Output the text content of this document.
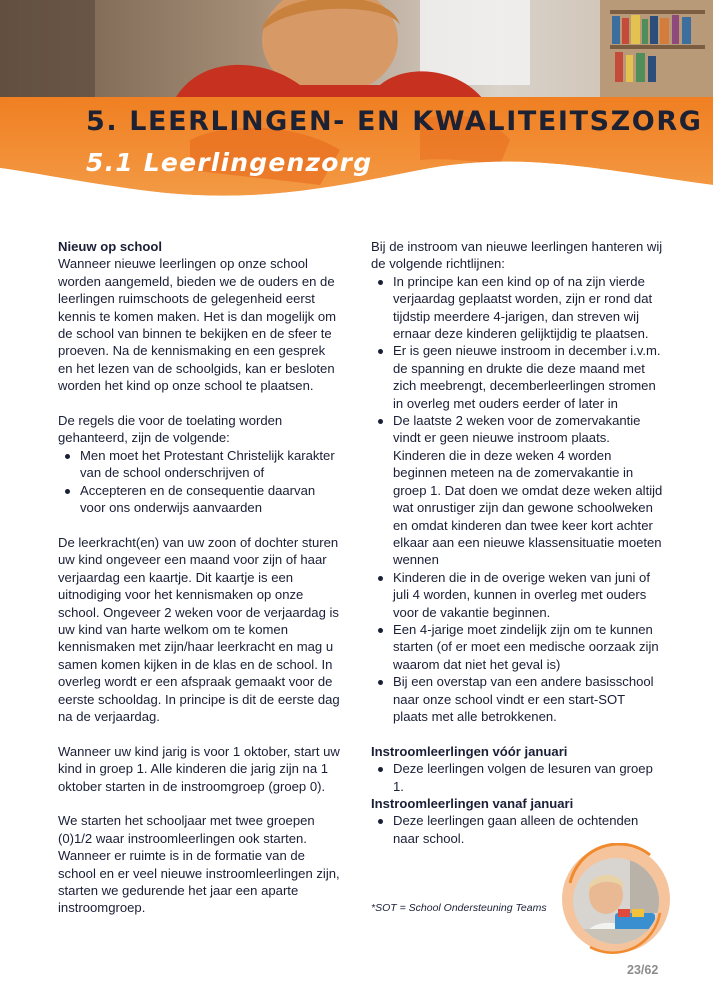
5. LEERLINGEN- EN KWALITEITSZORG
5.1 Leerlingenzorg
Nieuw op school

Wanneer nieuwe leerlingen op onze school worden aangemeld, bieden we de ouders en de leerlingen ruimschoots de gelegenheid eerst kennis te komen maken. Het is dan mogelijk om de school van binnen te bekijken en de sfeer te proeven. Na de kennismaking en een gesprek en het lezen van de schoolgids, kan er besloten worden het kind op onze school te plaatsen.

De regels die voor de toelating worden gehanteerd, zijn de volgende:

Men moet het Protestant Christelijk karakter van de school onderschrijven of
Accepteren en de consequentie daarvan voor ons onderwijs aanvaarden

De leerkracht(en) van uw zoon of dochter sturen uw kind ongeveer een maand voor zijn of haar verjaardag een kaartje. Dit kaartje is een uitnodiging voor het kennismaken op onze school. Ongeveer 2 weken voor de verjaardag is uw kind van harte welkom om te komen kennismaken met zijn/haar leerkracht en mag u samen komen kijken in de klas en de school. In overleg wordt er een afspraak gemaakt voor de eerste schooldag. In principe is dit de eerste dag na de verjaardag.

Wanneer uw kind jarig is voor 1 oktober, start uw kind in groep 1. Alle kinderen die jarig zijn na 1 oktober starten in de instroomgroep (groep 0).

We starten het schooljaar met twee groepen (0)1/2 waar instroomleerlingen ook starten. Wanneer er ruimte is in de formatie van de school en er veel nieuwe instroomleerlingen zijn, starten we gedurende het jaar een aparte instroomgroep.

Bij de instroom van nieuwe leerlingen hanteren wij de volgende richtlijnen:

In principe kan een kind op of na zijn vierde verjaardag geplaatst worden, zijn er rond dat tijdstip meerdere 4-jarigen, dan streven wij ernaar deze kinderen gelijktijdig te plaatsen.
Er is geen nieuwe instroom in december i.v.m. de spanning en drukte die deze maand met zich meebrengt, decemberleerlingen stromen in overleg met ouders eerder of later in
De laatste 2 weken voor de zomervakantie vindt er geen nieuwe instroom plaats. Kinderen die in deze weken 4 worden beginnen meteen na de zomervakantie in groep 1. Dat doen we omdat deze weken altijd wat onrustiger zijn dan gewone schoolweken en omdat kinderen dan twee keer kort achter elkaar aan een nieuwe klassensituatie moeten wennen
Kinderen die in de overige weken van juni of juli 4 worden, kunnen in overleg met ouders voor de vakantie beginnen.
Een 4-jarige moet zindelijk zijn om te kunnen starten (of er moet een medische oorzaak zijn waarom dat niet het geval is)
Bij een overstap van een andere basisschool naar onze school vindt er een start-SOT plaats met alle betrokkenen.
Instroomleerlingen vóór januari
Deze leerlingen volgen de lesuren van groep 1.
Instroomleerlingen vanaf januari
Deze leerlingen gaan alleen de ochtenden naar school.
*SOT = School Ondersteuning Teams
23/62
